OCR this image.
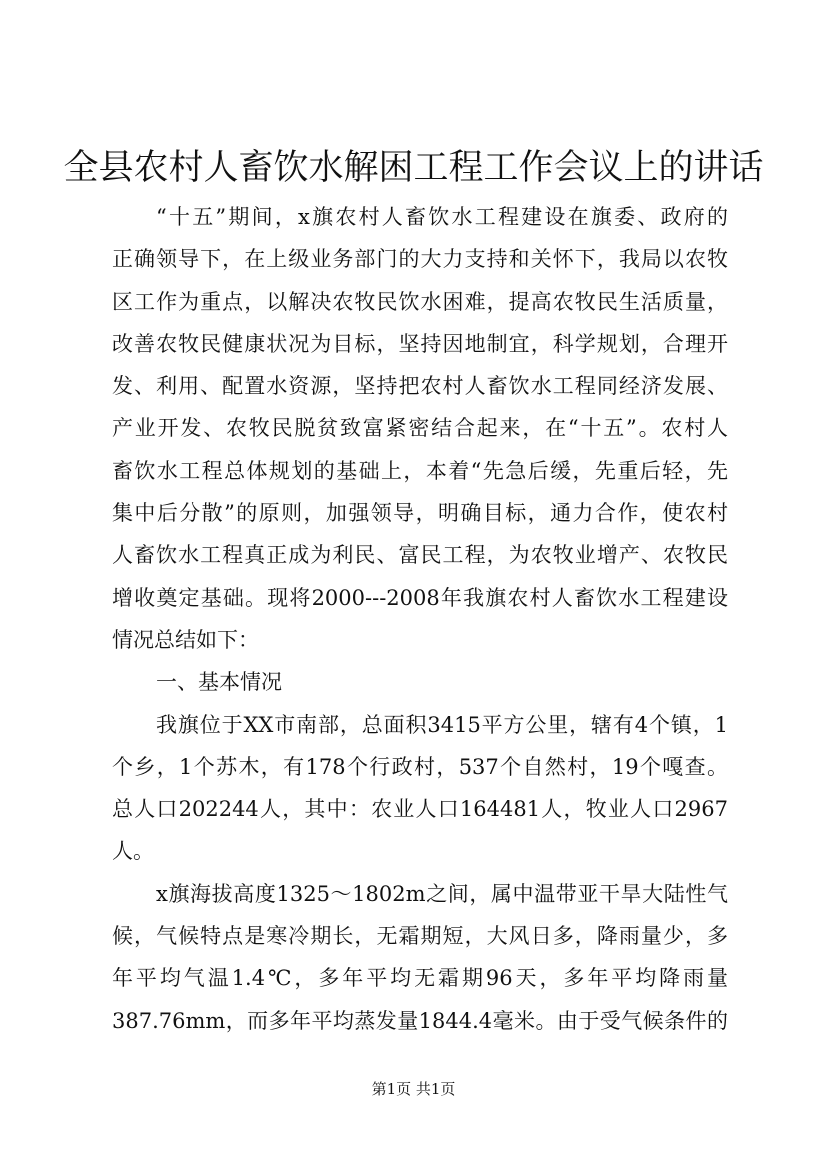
全县农村人畜饮水解困工程工作会议上的讲话
“十五”期间，x旗农村人畜饮水工程建设在旗委、政府的
正确领导下，在上级业务部门的大力支持和关怀下，我局以农牧
区工作为重点，以解决农牧民饮水困难，提高农牧民生活质量，
改善农牧民健康状况为目标，坚持因地制宜，科学规划，合理开
发、利用、配置水资源，坚持把农村人畜饮水工程同经济发展、
产业开发、农牧民脱贫致富紧密结合起来，在“十五”。农村人
畜饮水工程总体规划的基础上，本着“先急后缓，先重后轻，先
集中后分散”的原则，加强领导，明确目标，通力合作，使农村
人畜饮水工程真正成为利民、富民工程，为农牧业增产、农牧民
增收奠定基础。现将2000---2008年我旗农村人畜饮水工程建设
情况总结如下：
一、基本情况
我旗位于XX市南部，总面积3415平方公里，辖有4个镇，1
个乡，1个苏木，有178个行政村，537个自然村，19个嘎查。
总人口202244人，其中：农业人口164481人，牧业人口2967
人。
x旗海拔高度1325～1802m之间，属中温带亚干旱大陆性气
候，气候特点是寒冷期长，无霜期短，大风日多，降雨量少，多
年平均气温1.4℃，多年平均无霜期96天，多年平均降雨量
387.76mm，而多年平均蒸发量1844.4毫米。由于受气候条件的
第1页 共1页
